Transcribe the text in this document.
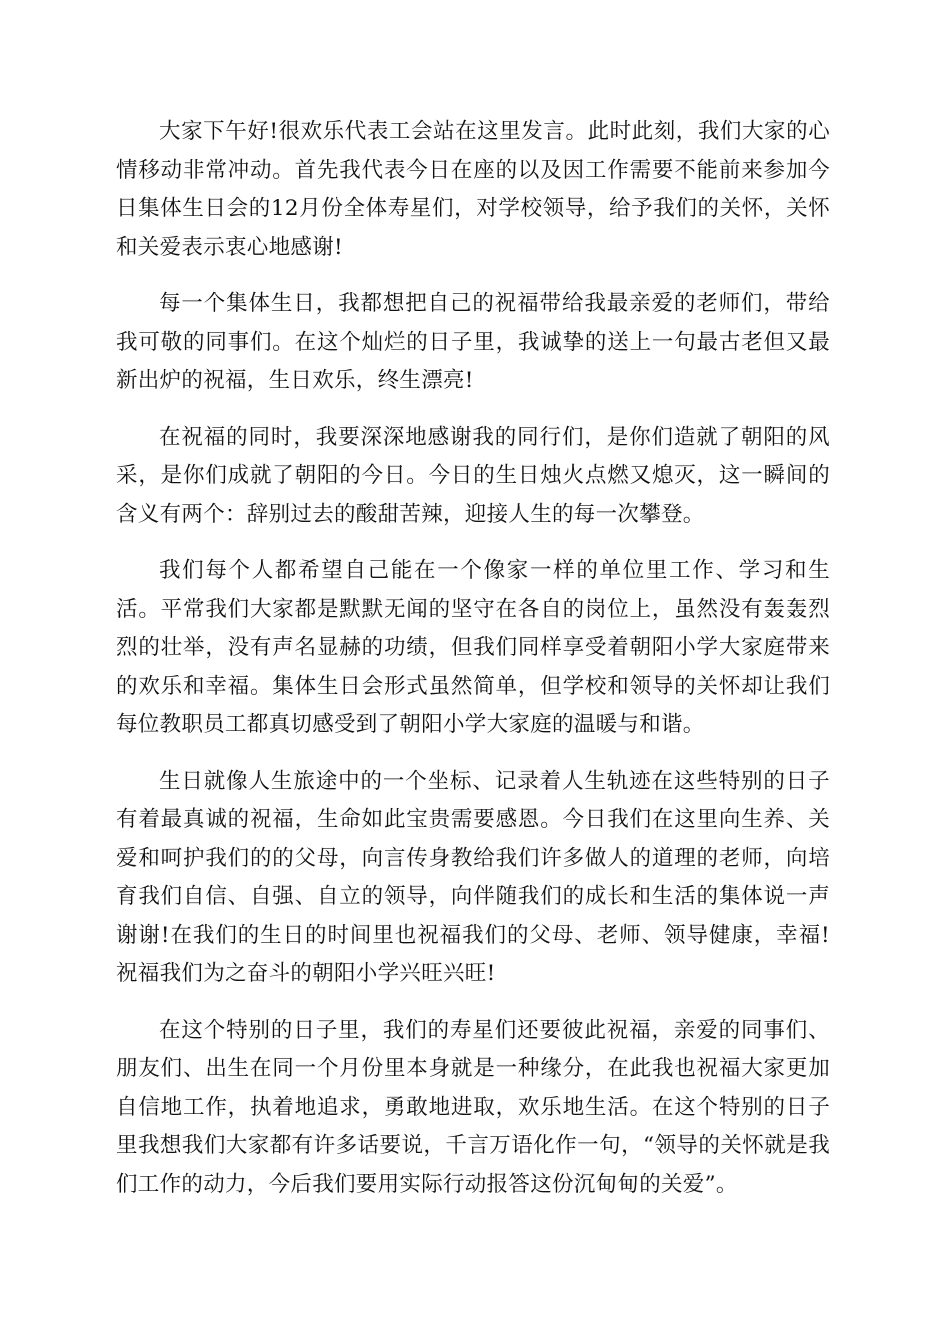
大家下午好!很欢乐代表工会站在这里发言。此时此刻，我们大家的心情移动非常冲动。首先我代表今日在座的以及因工作需要不能前来参加今日集体生日会的12月份全体寿星们，对学校领导，给予我们的关怀，关怀和关爱表示衷心地感谢!

每一个集体生日，我都想把自己的祝福带给我最亲爱的老师们，带给我可敬的同事们。在这个灿烂的日子里，我诚挚的送上一句最古老但又最新出炉的祝福，生日欢乐，终生漂亮!

在祝福的同时，我要深深地感谢我的同行们，是你们造就了朝阳的风采，是你们成就了朝阳的今日。今日的生日烛火点燃又熄灭，这一瞬间的含义有两个：辞别过去的酸甜苦辣，迎接人生的每一次攀登。

我们每个人都希望自己能在一个像家一样的单位里工作、学习和生活。平常我们大家都是默默无闻的坚守在各自的岗位上，虽然没有轰轰烈烈的壮举，没有声名显赫的功绩，但我们同样享受着朝阳小学大家庭带来的欢乐和幸福。集体生日会形式虽然简单，但学校和领导的关怀却让我们每位教职员工都真切感受到了朝阳小学大家庭的温暖与和谐。

生日就像人生旅途中的一个坐标、记录着人生轨迹在这些特别的日子有着最真诚的祝福，生命如此宝贵需要感恩。今日我们在这里向生养、关爱和呵护我们的的父母，向言传身教给我们许多做人的道理的老师，向培育我们自信、自强、自立的领导，向伴随我们的成长和生活的集体说一声谢谢!在我们的生日的时间里也祝福我们的父母、老师、领导健康，幸福!祝福我们为之奋斗的朝阳小学兴旺兴旺!

在这个特别的日子里，我们的寿星们还要彼此祝福，亲爱的同事们、朋友们、出生在同一个月份里本身就是一种缘分，在此我也祝福大家更加自信地工作，执着地追求，勇敢地进取，欢乐地生活。在这个特别的日子里我想我们大家都有许多话要说，千言万语化作一句，“领导的关怀就是我们工作的动力，今后我们要用实际行动报答这份沉甸甸的关爱”。
